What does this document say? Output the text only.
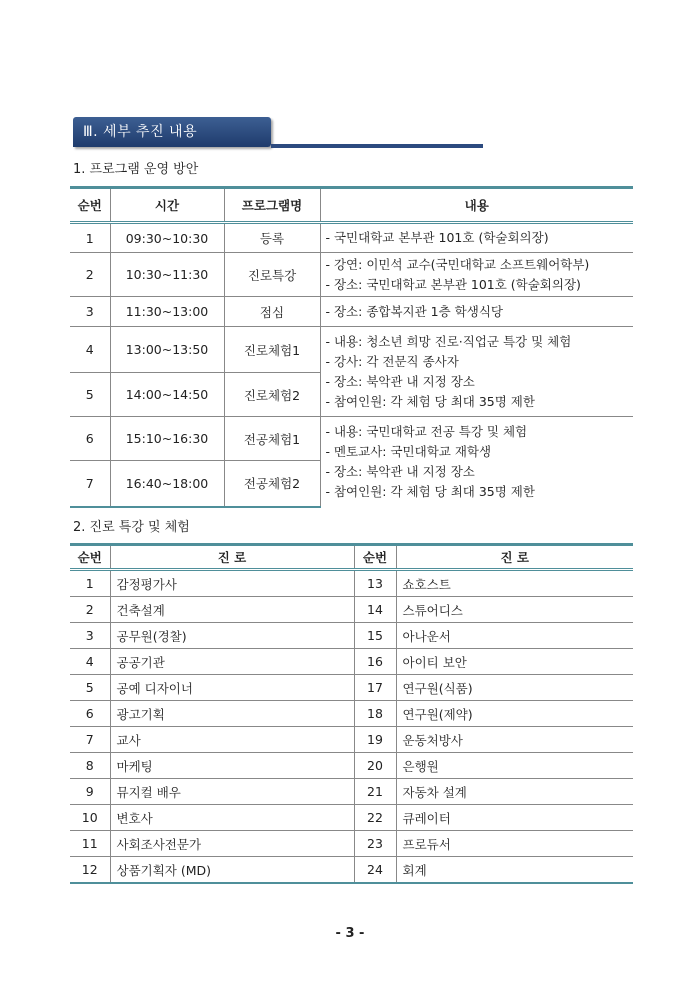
Ⅲ. 세부 추진 내용
1. 프로그램 운영 방안
순번	시간	프로그램명	내용
1	09:30~10:30	등록	- 국민대학교 본부관 101호 (학술회의장)

2	10:30~11:30	진로특강	- 강연: 이민석 교수(국민대학교 소프트웨어학부)
- 장소: 국민대학교 본부관 101호 (학술회의장)

3	11:30~13:00	점심	- 장소: 종합복지관 1층 학생식당

4	13:00~13:50	진로체험1	- 내용: 청소년 희망 진로·직업군 특강 및 체험
- 강사: 각 전문직 종사자
- 장소: 북악관 내 지정 장소
- 참여인원: 각 체험 당 최대 35명 제한

5	14:00~14:50	진로체험2	
6	15:10~16:30	전공체험1	- 내용: 국민대학교 전공 특강 및 체험
- 멘토교사: 국민대학교 재학생
- 장소: 북악관 내 지정 장소
- 참여인원: 각 체험 당 최대 35명 제한

7	16:40~18:00	전공체험2	
2. 진로 특강 및 체험
순번	진 로	순번	진 로
1	감정평가사	13	쇼호스트
2	건축설계	14	스튜어디스
3	공무원(경찰)	15	아나운서
4	공공기관	16	아이티 보안
5	공예 디자이너	17	연구원(식품)
6	광고기획	18	연구원(제약)
7	교사	19	운동처방사
8	마케팅	20	은행원
9	뮤지컬 배우	21	자동차 설계
10	변호사	22	큐레이터
11	사회조사전문가	23	프로듀서
12	상품기획자 (MD)	24	회계
- 3 -
